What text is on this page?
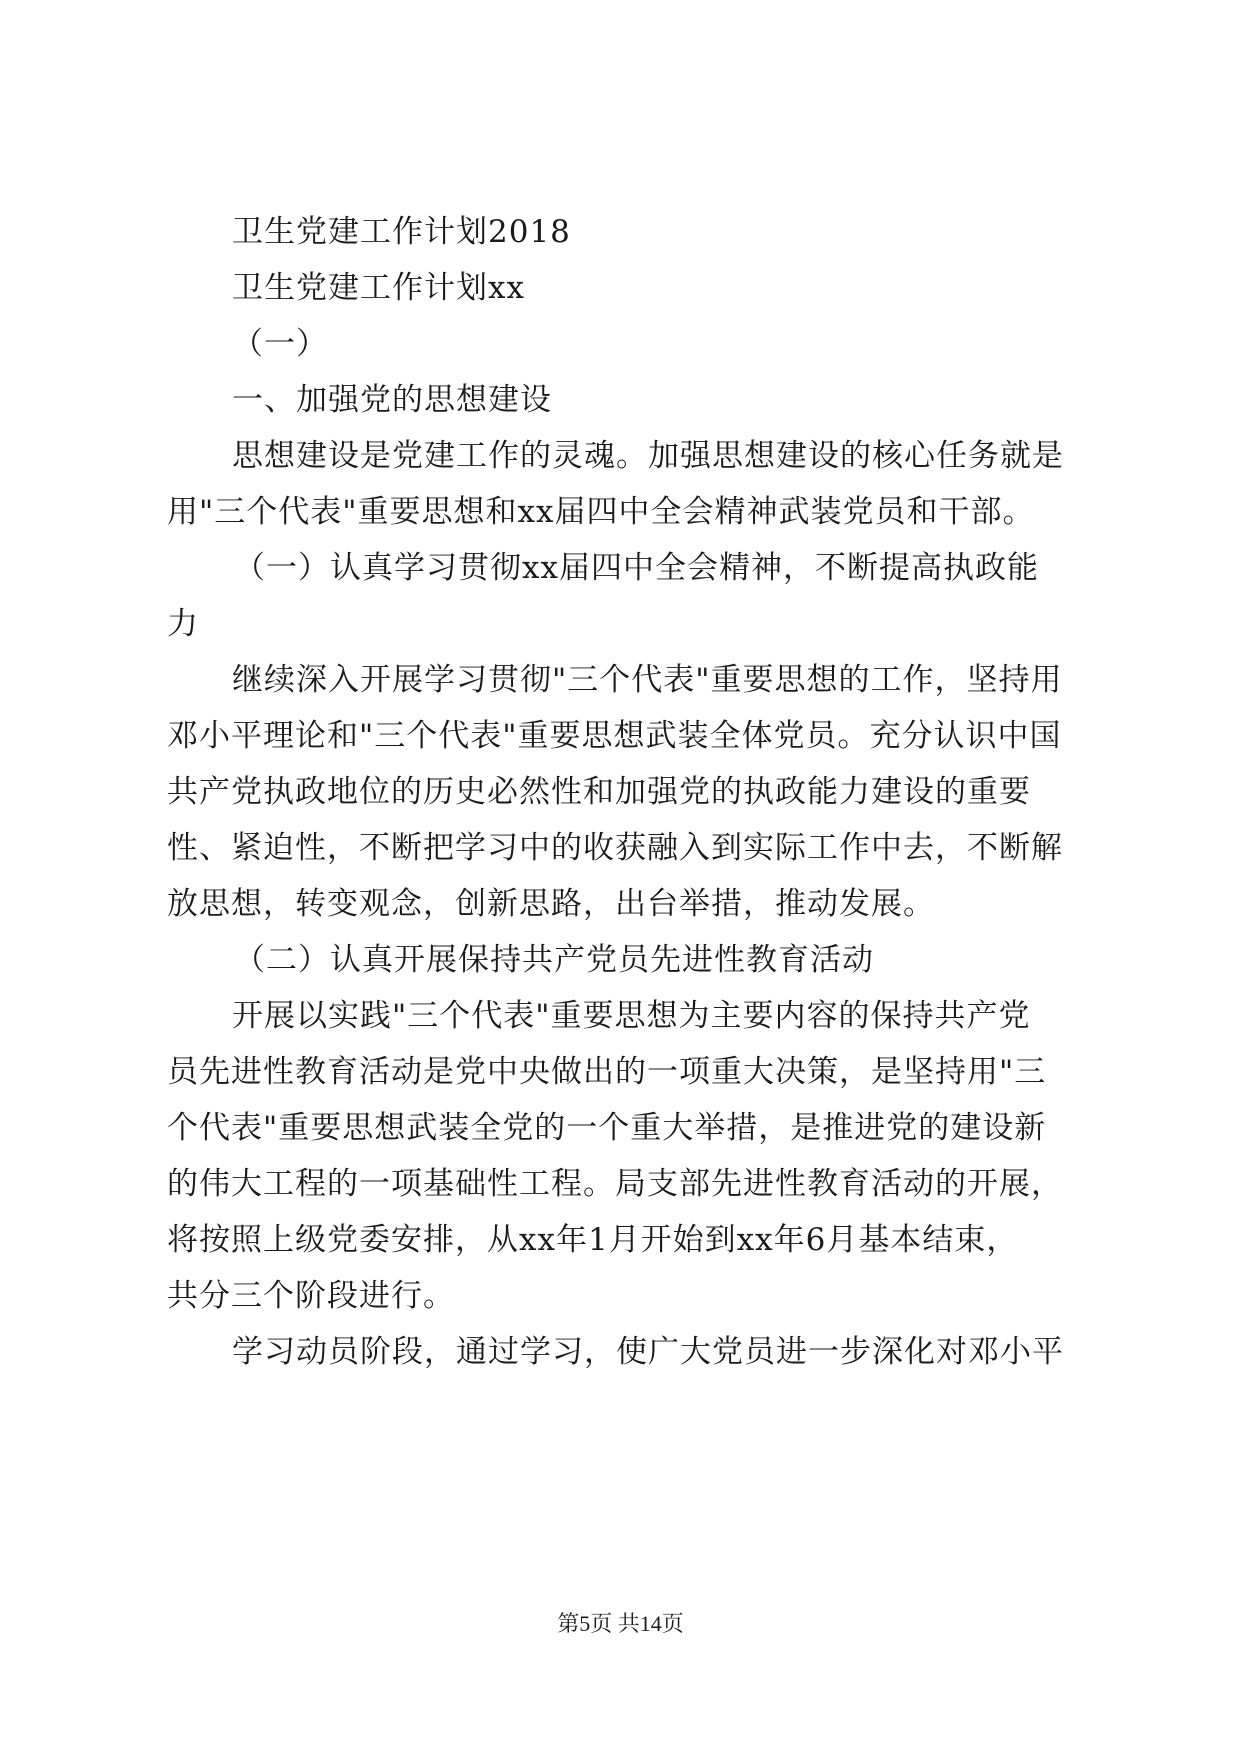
卫生党建工作计划2018
卫生党建工作计划xx
（一）
一、加强党的思想建设
思想建设是党建工作的灵魂。加强思想建设的核心任务就是
用"三个代表"重要思想和xx届四中全会精神武装党员和干部。
（一）认真学习贯彻xx届四中全会精神，不断提高执政能
力
继续深入开展学习贯彻"三个代表"重要思想的工作，坚持用
邓小平理论和"三个代表"重要思想武装全体党员。充分认识中国
共产党执政地位的历史必然性和加强党的执政能力建设的重要
性、紧迫性，不断把学习中的收获融入到实际工作中去，不断解
放思想，转变观念，创新思路，出台举措，推动发展。
（二）认真开展保持共产党员先进性教育活动
开展以实践"三个代表"重要思想为主要内容的保持共产党
员先进性教育活动是党中央做出的一项重大决策，是坚持用"三
个代表"重要思想武装全党的一个重大举措，是推进党的建设新
的伟大工程的一项基础性工程。局支部先进性教育活动的开展，
将按照上级党委安排，从xx年1月开始到xx年6月基本结束，
共分三个阶段进行。
学习动员阶段，通过学习，使广大党员进一步深化对邓小平
第5页 共14页
